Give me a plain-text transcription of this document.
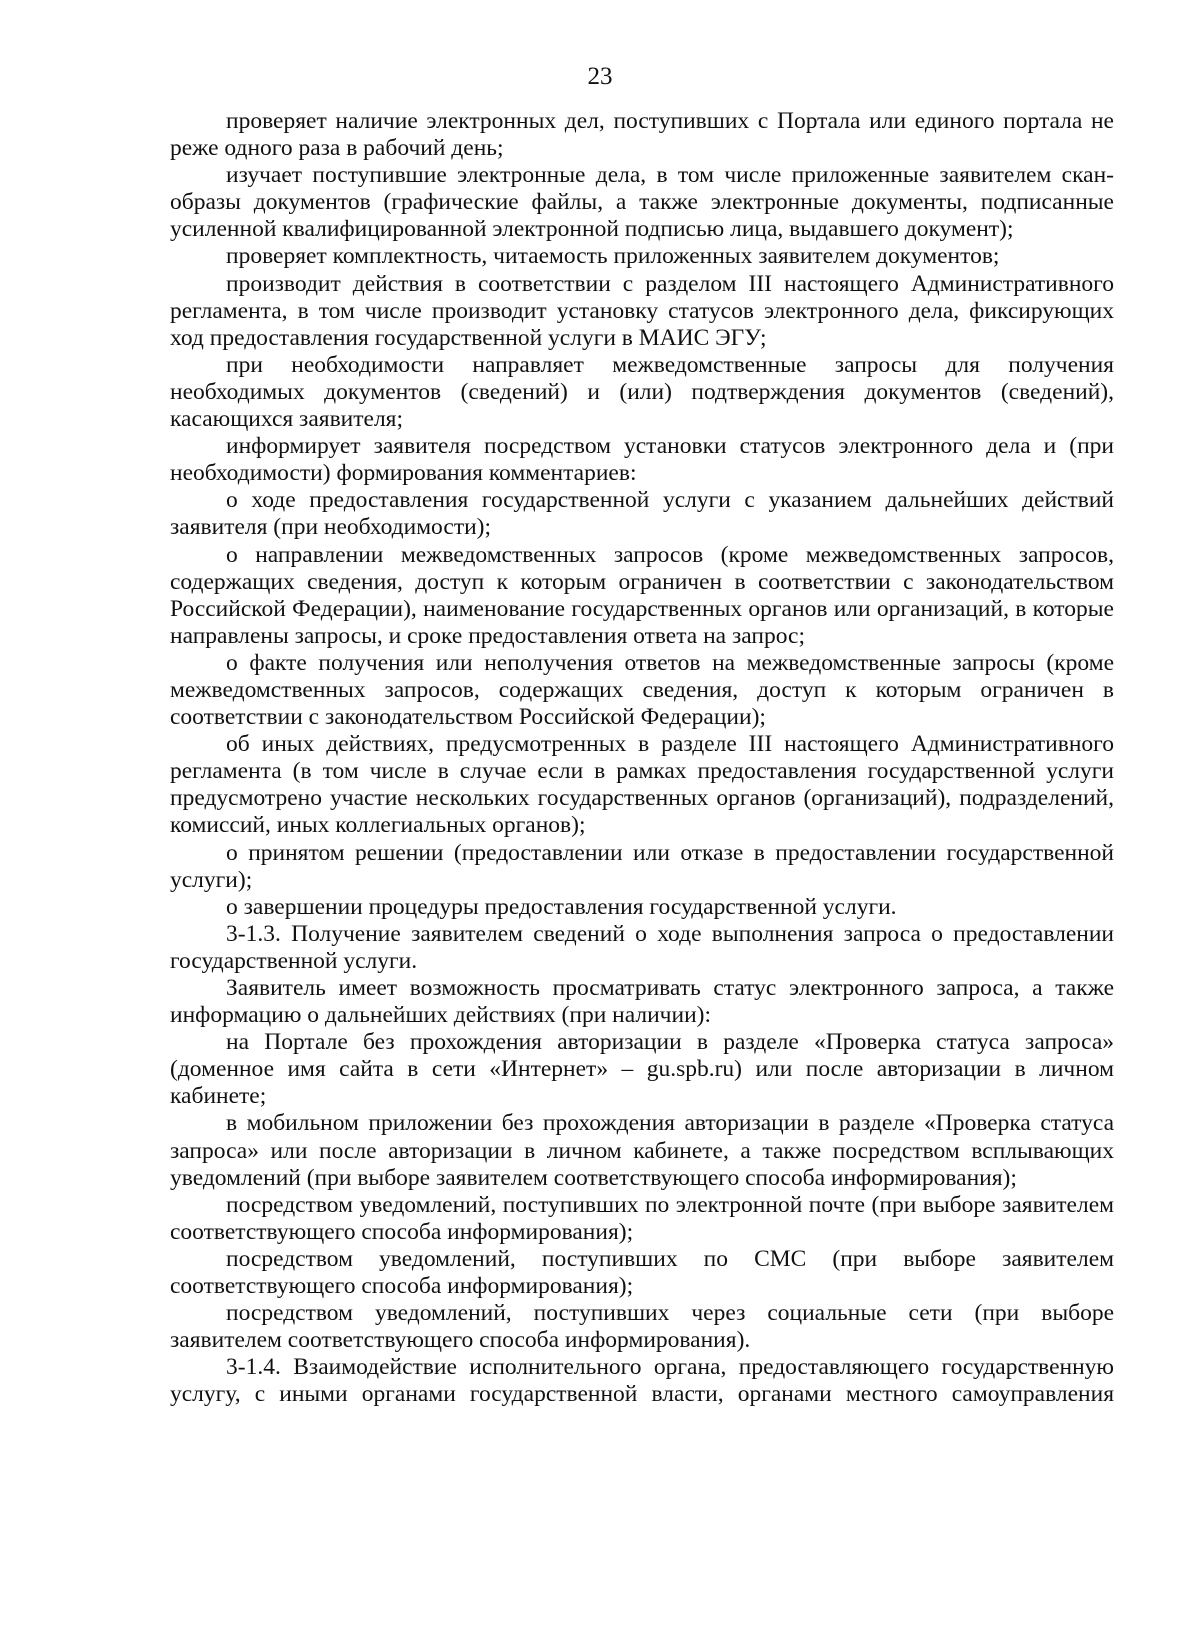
23

проверяет наличие электронных дел, поступивших с Портала или единого портала не реже одного раза в рабочий день;

изучает поступившие электронные дела, в том числе приложенные заявителем скан-образы документов (графические файлы, а также электронные документы, подписанные усиленной квалифицированной электронной подписью лица, выдавшего документ);

проверяет комплектность, читаемость приложенных заявителем документов;

производит действия в соответствии с разделом III настоящего Административного регламента, в том числе производит установку статусов электронного дела, фиксирующих ход предоставления государственной услуги в МАИС ЭГУ;

при необходимости направляет межведомственные запросы для получения необходимых документов (сведений) и (или) подтверждения документов (сведений), касающихся заявителя;

информирует заявителя посредством установки статусов электронного дела и (при необходимости) формирования комментариев:

о ходе предоставления государственной услуги с указанием дальнейших действий заявителя (при необходимости);

о направлении межведомственных запросов (кроме межведомственных запросов, содержащих сведения, доступ к которым ограничен в соответствии с законодательством Российской Федерации), наименование государственных органов или организаций, в которые направлены запросы, и сроке предоставления ответа на запрос;

о факте получения или неполучения ответов на межведомственные запросы (кроме межведомственных запросов, содержащих сведения, доступ к которым ограничен в соответствии с законодательством Российской Федерации);

об иных действиях, предусмотренных в разделе III настоящего Административного регламента (в том числе в случае если в рамках предоставления государственной услуги предусмотрено участие нескольких государственных органов (организаций), подразделений, комиссий, иных коллегиальных органов);

о принятом решении (предоставлении или отказе в предоставлении государственной услуги);

о завершении процедуры предоставления государственной услуги.

3-1.3. Получение заявителем сведений о ходе выполнения запроса о предоставлении государственной услуги.

Заявитель имеет возможность просматривать статус электронного запроса, а также информацию о дальнейших действиях (при наличии):

на Портале без прохождения авторизации в разделе «Проверка статуса запроса» (доменное имя сайта в сети «Интернет» – gu.spb.ru) или после авторизации в личном кабинете;

в мобильном приложении без прохождения авторизации в разделе «Проверка статуса запроса» или после авторизации в личном кабинете, а также посредством всплывающих уведомлений (при выборе заявителем соответствующего способа информирования);

посредством уведомлений, поступивших по электронной почте (при выборе заявителем соответствующего способа информирования);

посредством уведомлений, поступивших по СМС (при выборе заявителем соответствующего способа информирования);

посредством уведомлений, поступивших через социальные сети (при выборе заявителем соответствующего способа информирования).

3-1.4. Взаимодействие исполнительного органа, предоставляющего государственную услугу, с иными органами государственной власти, органами местного самоуправления
